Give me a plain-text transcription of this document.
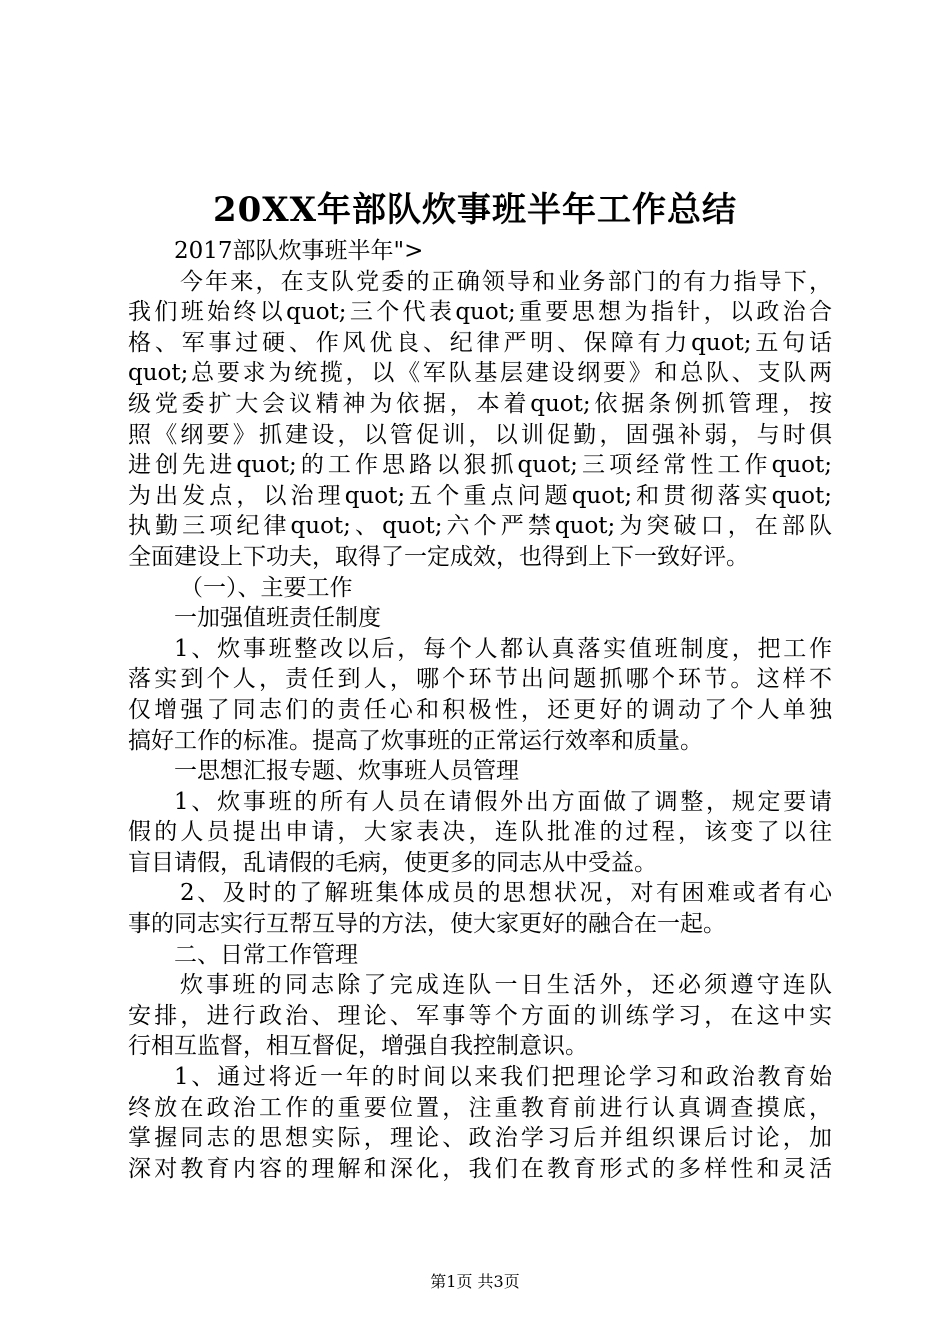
20XX年部队炊事班半年工作总结
2017部队炊事班半年">
今年来，在支队党委的正确领导和业务部门的有力指导下，
我们班始终以quot;三个代表quot;重要思想为指针，以政治合
格、军事过硬、作风优良、纪律严明、保障有力quot;五句话
quot;总要求为统揽，以《军队基层建设纲要》和总队、支队两
级党委扩大会议精神为依据，本着quot;依据条例抓管理，按
照《纲要》抓建设，以管促训，以训促勤，固强补弱，与时俱
进创先进quot;的工作思路以狠抓quot;三项经常性工作quot;
为出发点，以治理quot;五个重点问题quot;和贯彻落实quot;
执勤三项纪律quot;、quot;六个严禁quot;为突破口，在部队
全面建设上下功夫，取得了一定成效，也得到上下一致好评。
（一）、主要工作
一加强值班责任制度
1、炊事班整改以后，每个人都认真落实值班制度，把工作
落实到个人，责任到人，哪个环节出问题抓哪个环节。这样不
仅增强了同志们的责任心和积极性，还更好的调动了个人单独
搞好工作的标准。提高了炊事班的正常运行效率和质量。
一思想汇报专题、炊事班人员管理
1、炊事班的所有人员在请假外出方面做了调整，规定要请
假的人员提出申请，大家表决，连队批准的过程，该变了以往
盲目请假，乱请假的毛病，使更多的同志从中受益。
2、及时的了解班集体成员的思想状况，对有困难或者有心
事的同志实行互帮互导的方法，使大家更好的融合在一起。
二、日常工作管理
炊事班的同志除了完成连队一日生活外，还必须遵守连队
安排，进行政治、理论、军事等个方面的训练学习，在这中实
行相互监督，相互督促，增强自我控制意识。
1、通过将近一年的时间以来我们把理论学习和政治教育始
终放在政治工作的重要位置，注重教育前进行认真调查摸底，
掌握同志的思想实际，理论、政治学习后并组织课后讨论，加
深对教育内容的理解和深化，我们在教育形式的多样性和灵活
第1页 共3页
